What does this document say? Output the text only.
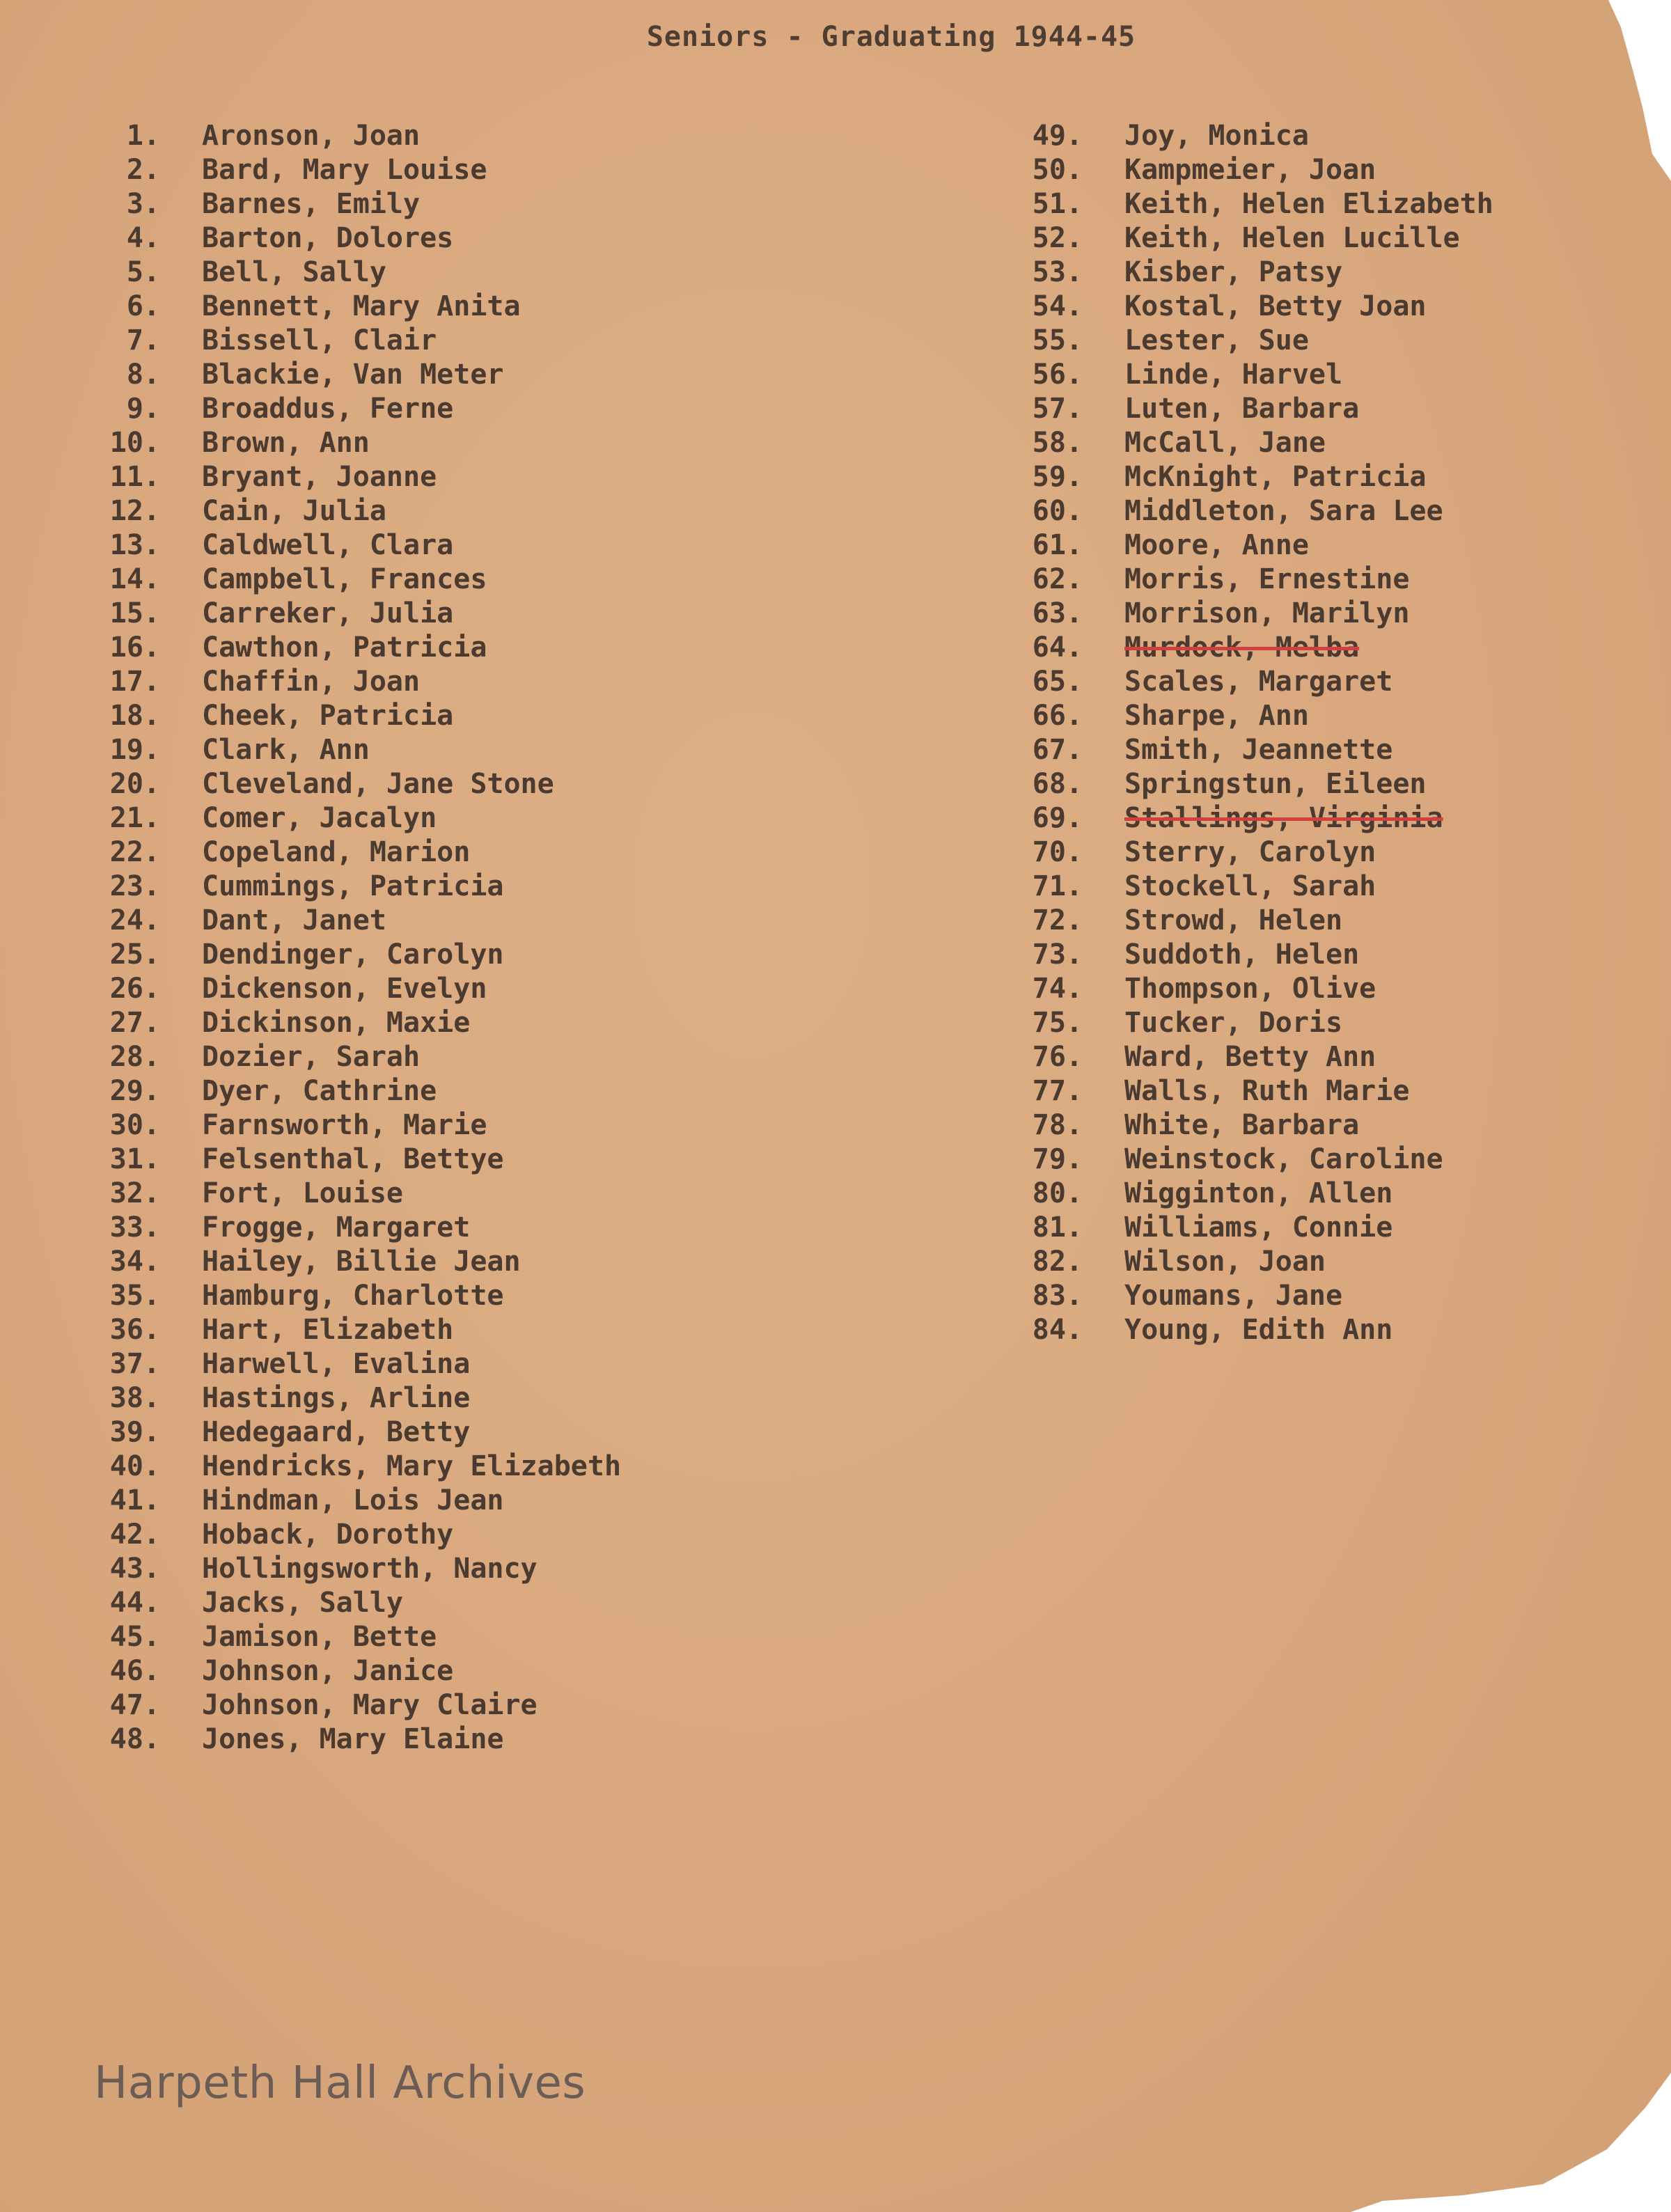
Seniors - Graduating 1944-45
1. Aronson, Joan
2. Bard, Mary Louise
3. Barnes, Emily
4. Barton, Dolores
5. Bell, Sally
6. Bennett, Mary Anita
7. Bissell, Clair
8. Blackie, Van Meter
9. Broaddus, Ferne
10. Brown, Ann
11. Bryant, Joanne
12. Cain, Julia
13. Caldwell, Clara
14. Campbell, Frances
15. Carreker, Julia
16. Cawthon, Patricia
17. Chaffin, Joan
18. Cheek, Patricia
19. Clark, Ann
20. Cleveland, Jane Stone
21. Comer, Jacalyn
22. Copeland, Marion
23. Cummings, Patricia
24. Dant, Janet
25. Dendinger, Carolyn
26. Dickenson, Evelyn
27. Dickinson, Maxie
28. Dozier, Sarah
29. Dyer, Cathrine
30. Farnsworth, Marie
31. Felsenthal, Bettye
32. Fort, Louise
33. Frogge, Margaret
34. Hailey, Billie Jean
35. Hamburg, Charlotte
36. Hart, Elizabeth
37. Harwell, Evalina
38. Hastings, Arline
39. Hedegaard, Betty
40. Hendricks, Mary Elizabeth
41. Hindman, Lois Jean
42. Hoback, Dorothy
43. Hollingsworth, Nancy
44. Jacks, Sally
45. Jamison, Bette
46. Johnson, Janice
47. Johnson, Mary Claire
48. Jones, Mary Elaine
49. Joy, Monica
50. Kampmeier, Joan
51. Keith, Helen Elizabeth
52. Keith, Helen Lucille
53. Kisber, Patsy
54. Kostal, Betty Joan
55. Lester, Sue
56. Linde, Harvel
57. Luten, Barbara
58. McCall, Jane
59. McKnight, Patricia
60. Middleton, Sara Lee
61. Moore, Anne
62. Morris, Ernestine
63. Morrison, Marilyn
64. Murdock, Melba
65. Scales, Margaret
66. Sharpe, Ann
67. Smith, Jeannette
68. Springstun, Eileen
69. Stallings, Virginia
70. Sterry, Carolyn
71. Stockell, Sarah
72. Strowd, Helen
73. Suddoth, Helen
74. Thompson, Olive
75. Tucker, Doris
76. Ward, Betty Ann
77. Walls, Ruth Marie
78. White, Barbara
79. Weinstock, Caroline
80. Wigginton, Allen
81. Williams, Connie
82. Wilson, Joan
83. Youmans, Jane
84. Young, Edith Ann
Harpeth Hall Archives
